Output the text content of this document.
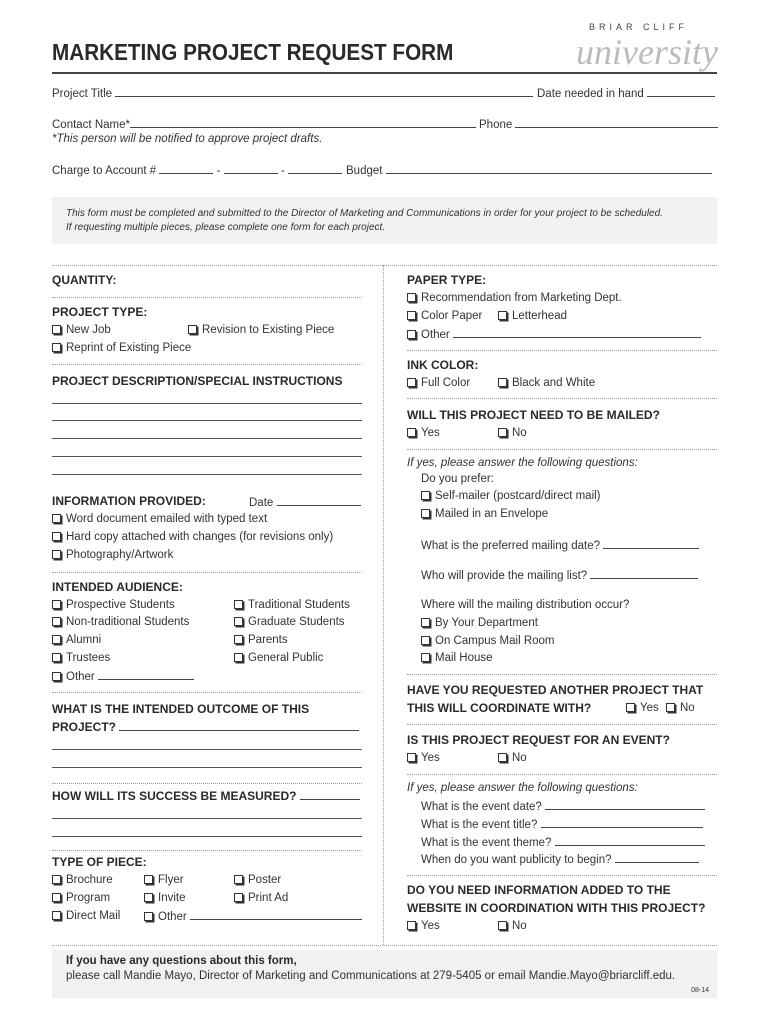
MARKETING PROJECT REQUEST FORM
BRIAR CLIFF
university
Project Title	Date needed in hand
Contact Name*	Phone
*This person will be notified to approve project drafts.
Charge to Account #	-	-	Budget
This form must be completed and submitted to the Director of Marketing and Communications in order for your project to be scheduled.
If requesting multiple pieces, please complete one form for each project.
QUANTITY:
PROJECT TYPE:
New Job	Revision to Existing Piece
Reprint of Existing Piece
PROJECT DESCRIPTION/SPECIAL INSTRUCTIONS
INFORMATION PROVIDED:	Date
Word document emailed with typed text
Hard copy attached with changes (for revisions only)
Photography/Artwork
INTENDED AUDIENCE:
Prospective Students	Traditional Students
Non-traditional Students	Graduate Students
Alumni	Parents
Trustees	General Public
Other
WHAT IS THE INTENDED OUTCOME OF THIS
PROJECT?
HOW WILL ITS SUCCESS BE MEASURED?
TYPE OF PIECE:
Brochure	Flyer	Poster
Program	Invite	Print Ad
Direct Mail	Other
PAPER TYPE:
Recommendation from Marketing Dept.
Color Paper	Letterhead
Other
INK COLOR:
Full Color	Black and White
WILL THIS PROJECT NEED TO BE MAILED?
Yes	No
If yes, please answer the following questions:
Do you prefer:
Self-mailer (postcard/direct mail)
Mailed in an Envelope
What is the preferred mailing date?
Who will provide the mailing list?
Where will the mailing distribution occur?
By Your Department
On Campus Mail Room
Mail House
HAVE YOU REQUESTED ANOTHER PROJECT THAT
THIS WILL COORDINATE WITH?	Yes	No
IS THIS PROJECT REQUEST FOR AN EVENT?
Yes	No
If yes, please answer the following questions:
What is the event date?
What is the event title?
What is the event theme?
When do you want publicity to begin?
DO YOU NEED INFORMATION ADDED TO THE
WEBSITE IN COORDINATION WITH THIS PROJECT?
Yes	No
If you have any questions about this form,
please call Mandie Mayo, Director of Marketing and Communications at 279-5405 or email Mandie.Mayo@briarcliff.edu.
08-14
